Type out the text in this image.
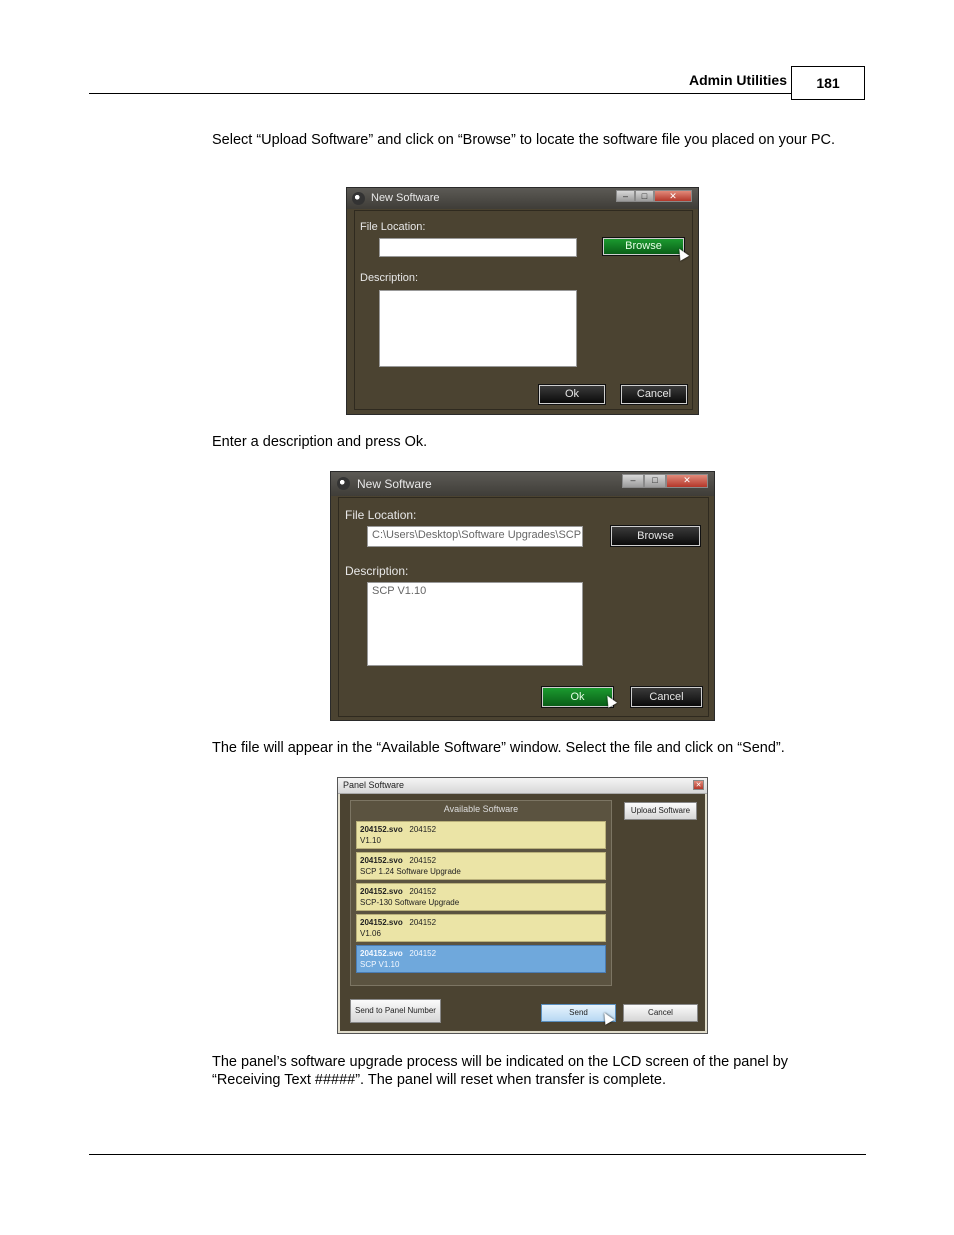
Admin Utilities	181
Select “Upload Software” and click on “Browse” to locate the software file you placed on your PC.
New Software	–	□	✕
File Location:
Browse
Description:
Ok	Cancel
Enter a description and press Ok.
New Software	–	□	✕
File Location:
C:\Users\Desktop\Software Upgrades\SCP	Browse
Description:
SCP V1.10
Ok	Cancel
The file will appear in the “Available Software” window. Select the file and click on “Send”.
Panel Software	✕
Available Software
204152.svo 204152
V1.10
204152.svo 204152
SCP 1.24 Software Upgrade
204152.svo 204152
SCP-130 Software Upgrade
204152.svo 204152
V1.06
204152.svo 204152
SCP V1.10
Upload Software
Send to Panel Number	Send	Cancel
The panel’s software upgrade process will be indicated on the LCD screen of the panel by “Receiving Text #####”. The panel will reset when transfer is complete.
